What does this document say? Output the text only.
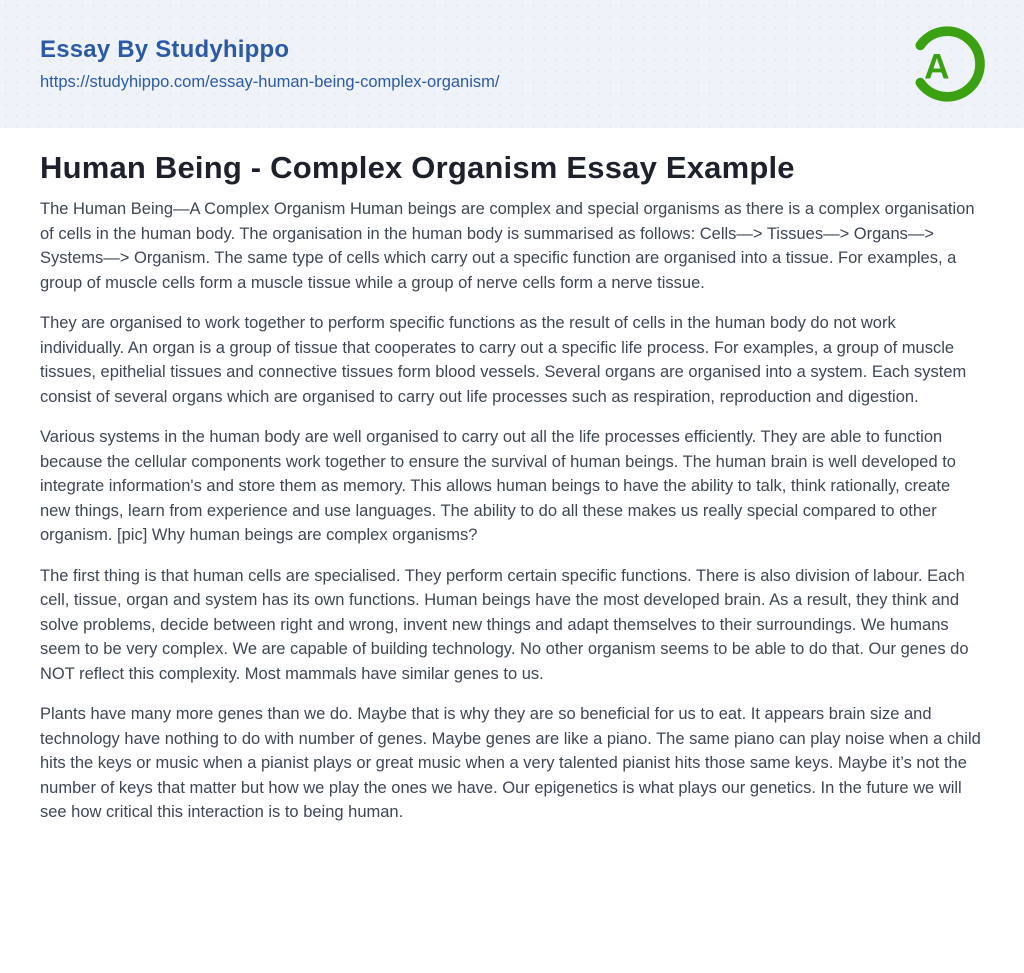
Essay By Studyhippo
https://studyhippo.com/essay-human-being-complex-organism/	A
Human Being - Complex Organism Essay Example

The Human Being—A Complex Organism Human beings are complex and special organisms as there is a complex organisation of cells in the human body. The organisation in the human body is summarised as follows: Cells—> Tissues—> Organs—> Systems—> Organism. The same type of cells which carry out a specific function are organised into a tissue. For examples, a group of muscle cells form a muscle tissue while a group of nerve cells form a nerve tissue.

They are organised to work together to perform specific functions as the result of cells in the human body do not work individually. An organ is a group of tissue that cooperates to carry out a specific life process. For examples, a group of muscle tissues, epithelial tissues and connective tissues form blood vessels. Several organs are organised into a system. Each system consist of several organs which are organised to carry out life processes such as respiration, reproduction and digestion.

Various systems in the human body are well organised to carry out all the life processes efficiently. They are able to function because the cellular components work together to ensure the survival of human beings. The human brain is well developed to integrate information's and store them as memory. This allows human beings to have the ability to talk, think rationally, create new things, learn from experience and use languages. The ability to do all these makes us really special compared to other organism. [pic] Why human beings are complex organisms?

The first thing is that human cells are specialised. They perform certain specific functions. There is also division of labour. Each cell, tissue, organ and system has its own functions. Human beings have the most developed brain. As a result, they think and solve problems, decide between right and wrong, invent new things and adapt themselves to their surroundings. We humans seem to be very complex. We are capable of building technology. No other organism seems to be able to do that. Our genes do NOT reflect this complexity. Most mammals have similar genes to us.

Plants have many more genes than we do. Maybe that is why they are so beneficial for us to eat. It appears brain size and technology have nothing to do with number of genes. Maybe genes are like a piano. The same piano can play noise when a child hits the keys or music when a pianist plays or great music when a very talented pianist hits those same keys. Maybe it’s not the number of keys that matter but how we play the ones we have. Our epigenetics is what plays our genetics. In the future we will see how critical this interaction is to being human.
